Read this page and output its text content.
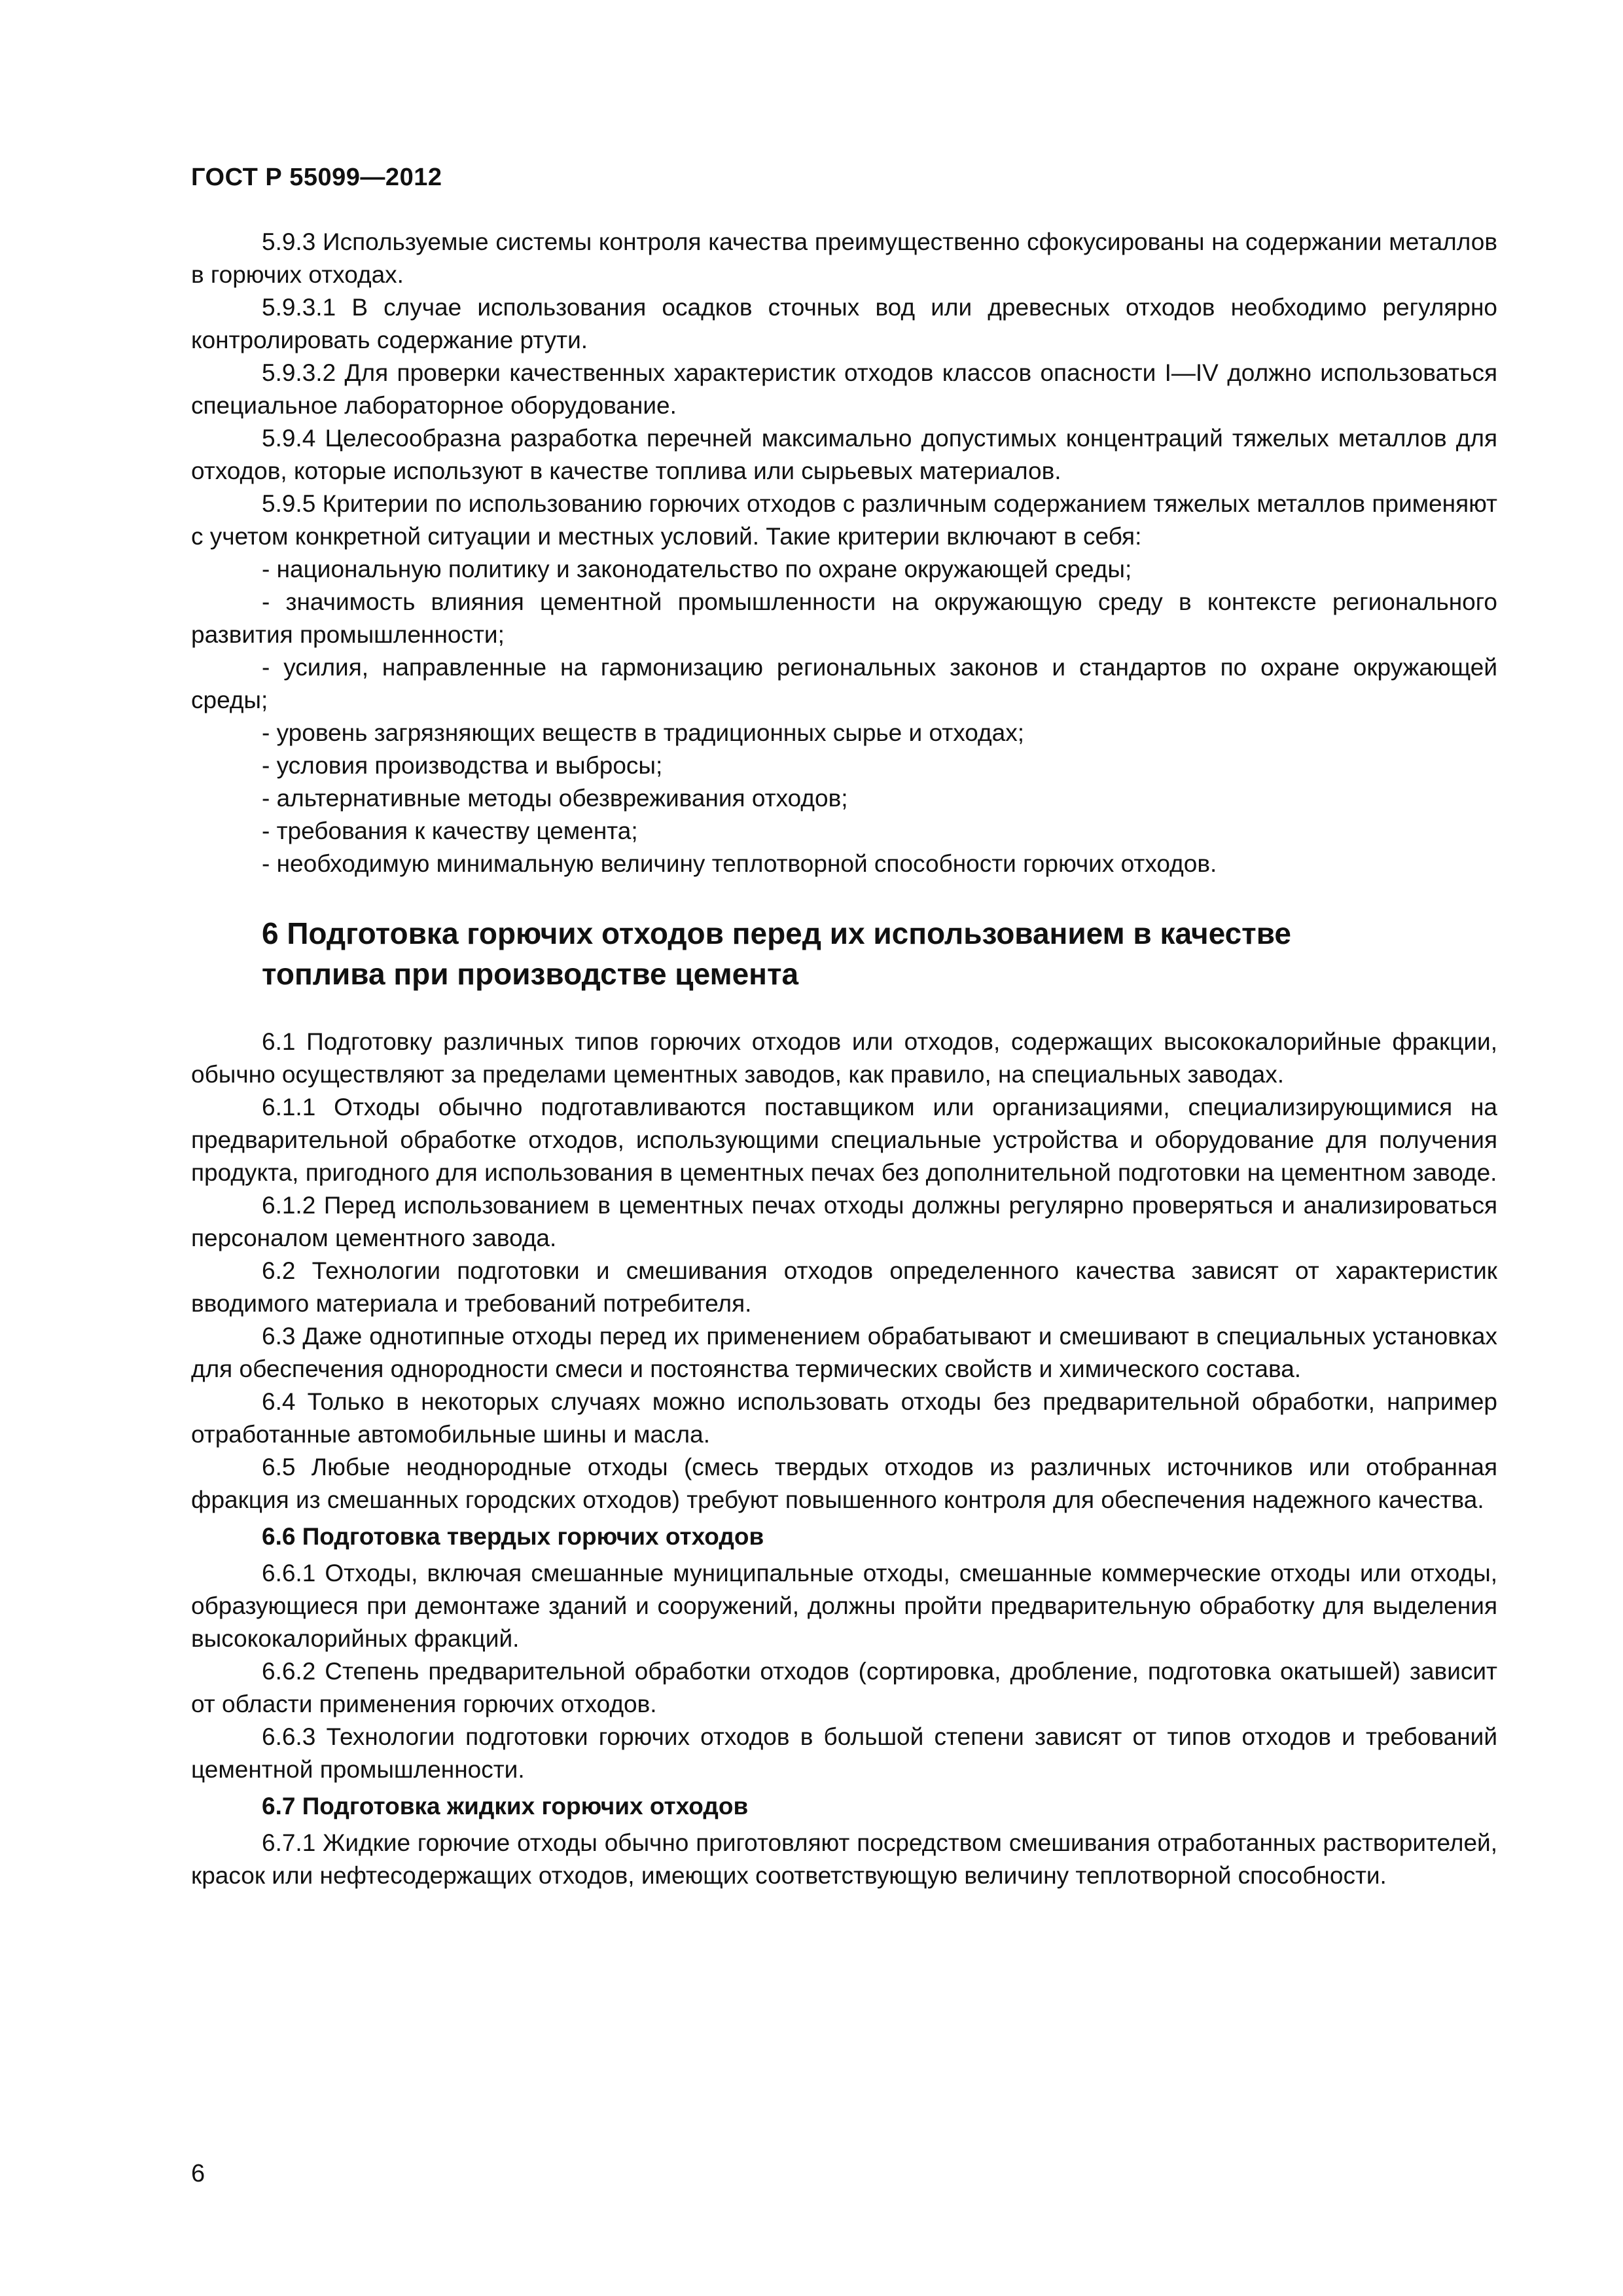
ГОСТ Р 55099—2012

5.9.3 Используемые системы контроля качества преимущественно сфокусированы на содержании металлов в горючих отходах.

5.9.3.1 В случае использования осадков сточных вод или древесных отходов необходимо регулярно контролировать содержание ртути.

5.9.3.2 Для проверки качественных характеристик отходов классов опасности I—IV должно использоваться специальное лабораторное оборудование.

5.9.4 Целесообразна разработка перечней максимально допустимых концентраций тяжелых металлов для отходов, которые используют в качестве топлива или сырьевых материалов.

5.9.5 Критерии по использованию горючих отходов с различным содержанием тяжелых металлов применяют с учетом конкретной ситуации и местных условий. Такие критерии включают в себя:

- национальную политику и законодательство по охране окружающей среды;

- значимость влияния цементной промышленности на окружающую среду в контексте регионального развития промышленности;

- усилия, направленные на гармонизацию региональных законов и стандартов по охране окружающей среды;

- уровень загрязняющих веществ в традиционных сырье и отходах;

- условия производства и выбросы;

- альтернативные методы обезвреживания отходов;

- требования к качеству цемента;

- необходимую минимальную величину теплотворной способности горючих отходов.

6 Подготовка горючих отходов перед их использованием в качестве топлива при производстве цемента

6.1 Подготовку различных типов горючих отходов или отходов, содержащих высококалорийные фракции, обычно осуществляют за пределами цементных заводов, как правило, на специальных заводах.

6.1.1 Отходы обычно подготавливаются поставщиком или организациями, специализирующимися на предварительной обработке отходов, использующими специальные устройства и оборудование для получения продукта, пригодного для использования в цементных печах без дополнительной подготовки на цементном заводе.

6.1.2 Перед использованием в цементных печах отходы должны регулярно проверяться и анализироваться персоналом цементного завода.

6.2 Технологии подготовки и смешивания отходов определенного качества зависят от характеристик вводимого материала и требований потребителя.

6.3 Даже однотипные отходы перед их применением обрабатывают и смешивают в специальных установках для обеспечения однородности смеси и постоянства термических свойств и химического состава.

6.4 Только в некоторых случаях можно использовать отходы без предварительной обработки, например отработанные автомобильные шины и масла.

6.5 Любые неоднородные отходы (смесь твердых отходов из различных источников или отобранная фракция из смешанных городских отходов) требуют повышенного контроля для обеспечения надежного качества.

6.6 Подготовка твердых горючих отходов

6.6.1 Отходы, включая смешанные муниципальные отходы, смешанные коммерческие отходы или отходы, образующиеся при демонтаже зданий и сооружений, должны пройти предварительную обработку для выделения высококалорийных фракций.

6.6.2 Степень предварительной обработки отходов (сортировка, дробление, подготовка окатышей) зависит от области применения горючих отходов.

6.6.3 Технологии подготовки горючих отходов в большой степени зависят от типов отходов и требований цементной промышленности.

6.7 Подготовка жидких горючих отходов

6.7.1 Жидкие горючие отходы обычно приготовляют посредством смешивания отработанных растворителей, красок или нефтесодержащих отходов, имеющих соответствующую величину теплотворной способности.

6
